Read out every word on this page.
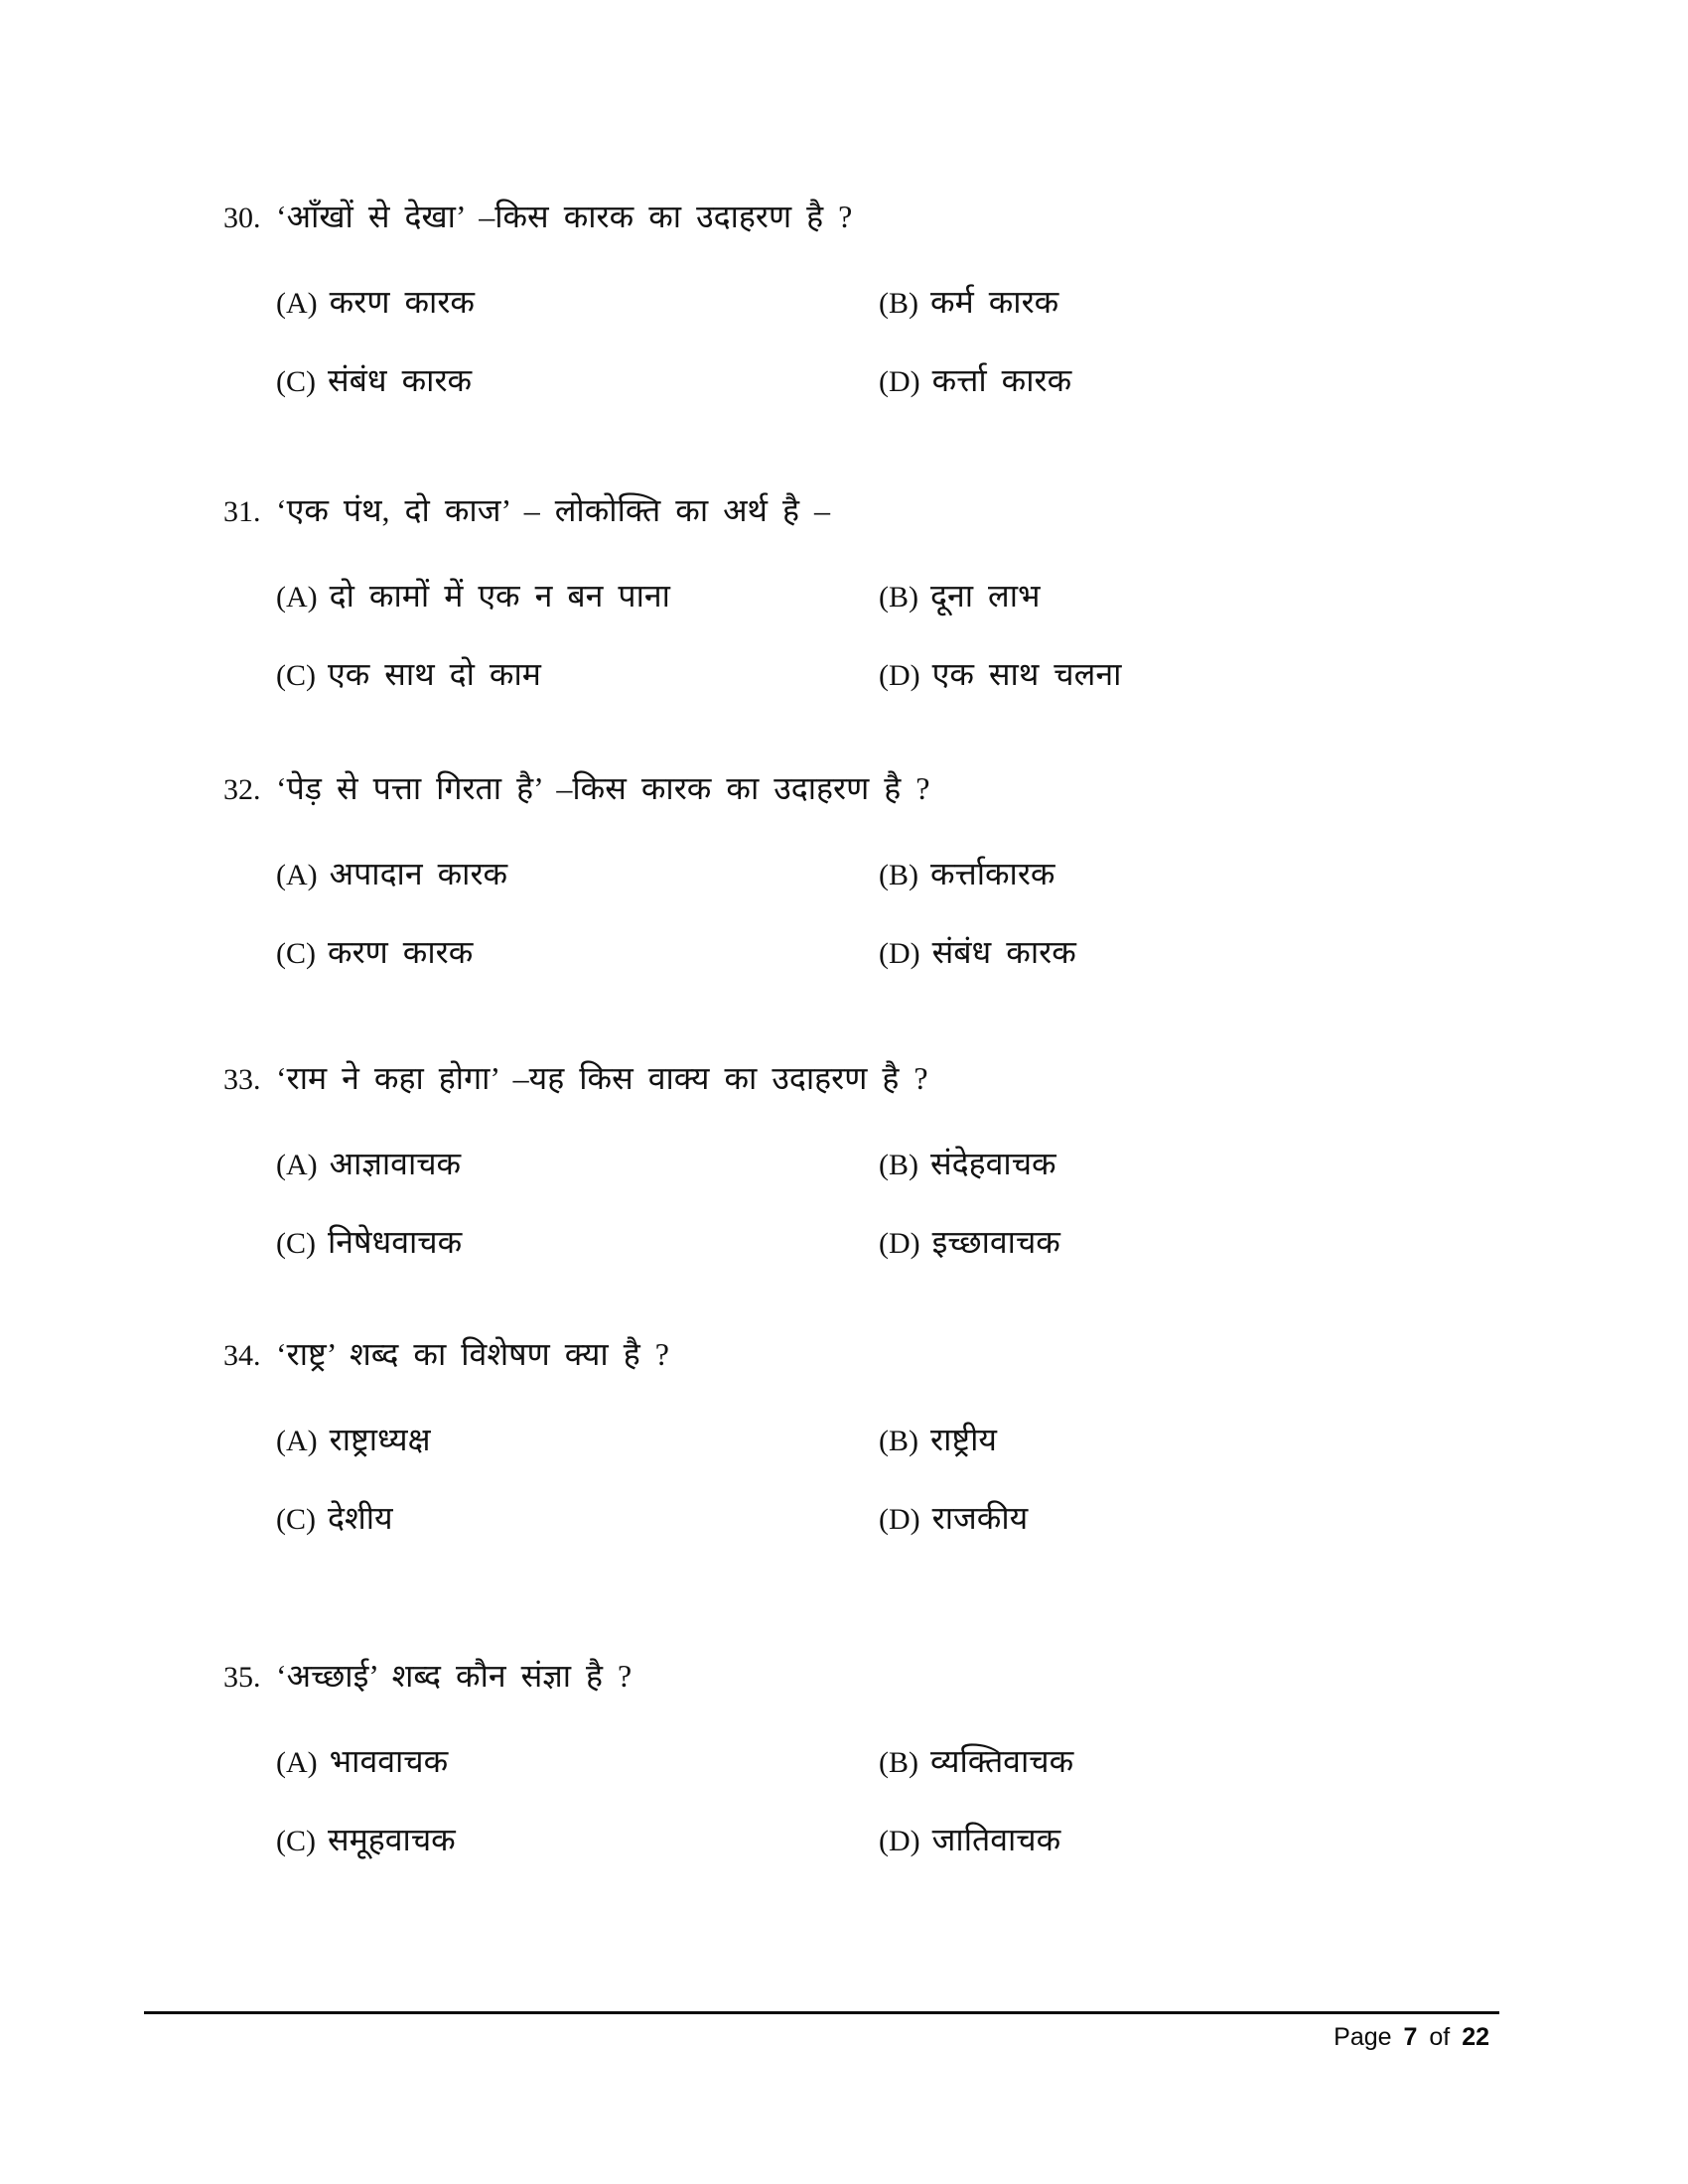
30. ‘आँखों से देखा’ –किस कारक का उदाहरण है ?
(A) करण कारक	(B) कर्म कारक
(C) संबंध कारक	(D) कर्त्ता कारक
31. ‘एक पंथ, दो काज’ – लोकोक्ति का अर्थ है –
(A) दो कामों में एक न बन पाना	(B) दूना लाभ
(C) एक साथ दो काम	(D) एक साथ चलना
32. ‘पेड़ से पत्ता गिरता है’ –किस कारक का उदाहरण है ?
(A) अपादान कारक	(B) कर्त्ताकारक
(C) करण कारक	(D) संबंध कारक
33. ‘राम ने कहा होगा’ –यह किस वाक्य का उदाहरण है ?
(A) आज्ञावाचक	(B) संदेहवाचक
(C) निषेधवाचक	(D) इच्छावाचक
34. ‘राष्ट्र’ शब्द का विशेषण क्या है ?
(A) राष्ट्राध्यक्ष	(B) राष्ट्रीय
(C) देशीय	(D) राजकीय
35. ‘अच्छाई’ शब्द कौन संज्ञा है ?
(A) भाववाचक	(B) व्यक्तिवाचक
(C) समूहवाचक	(D) जातिवाचक
Page 7 of 22
